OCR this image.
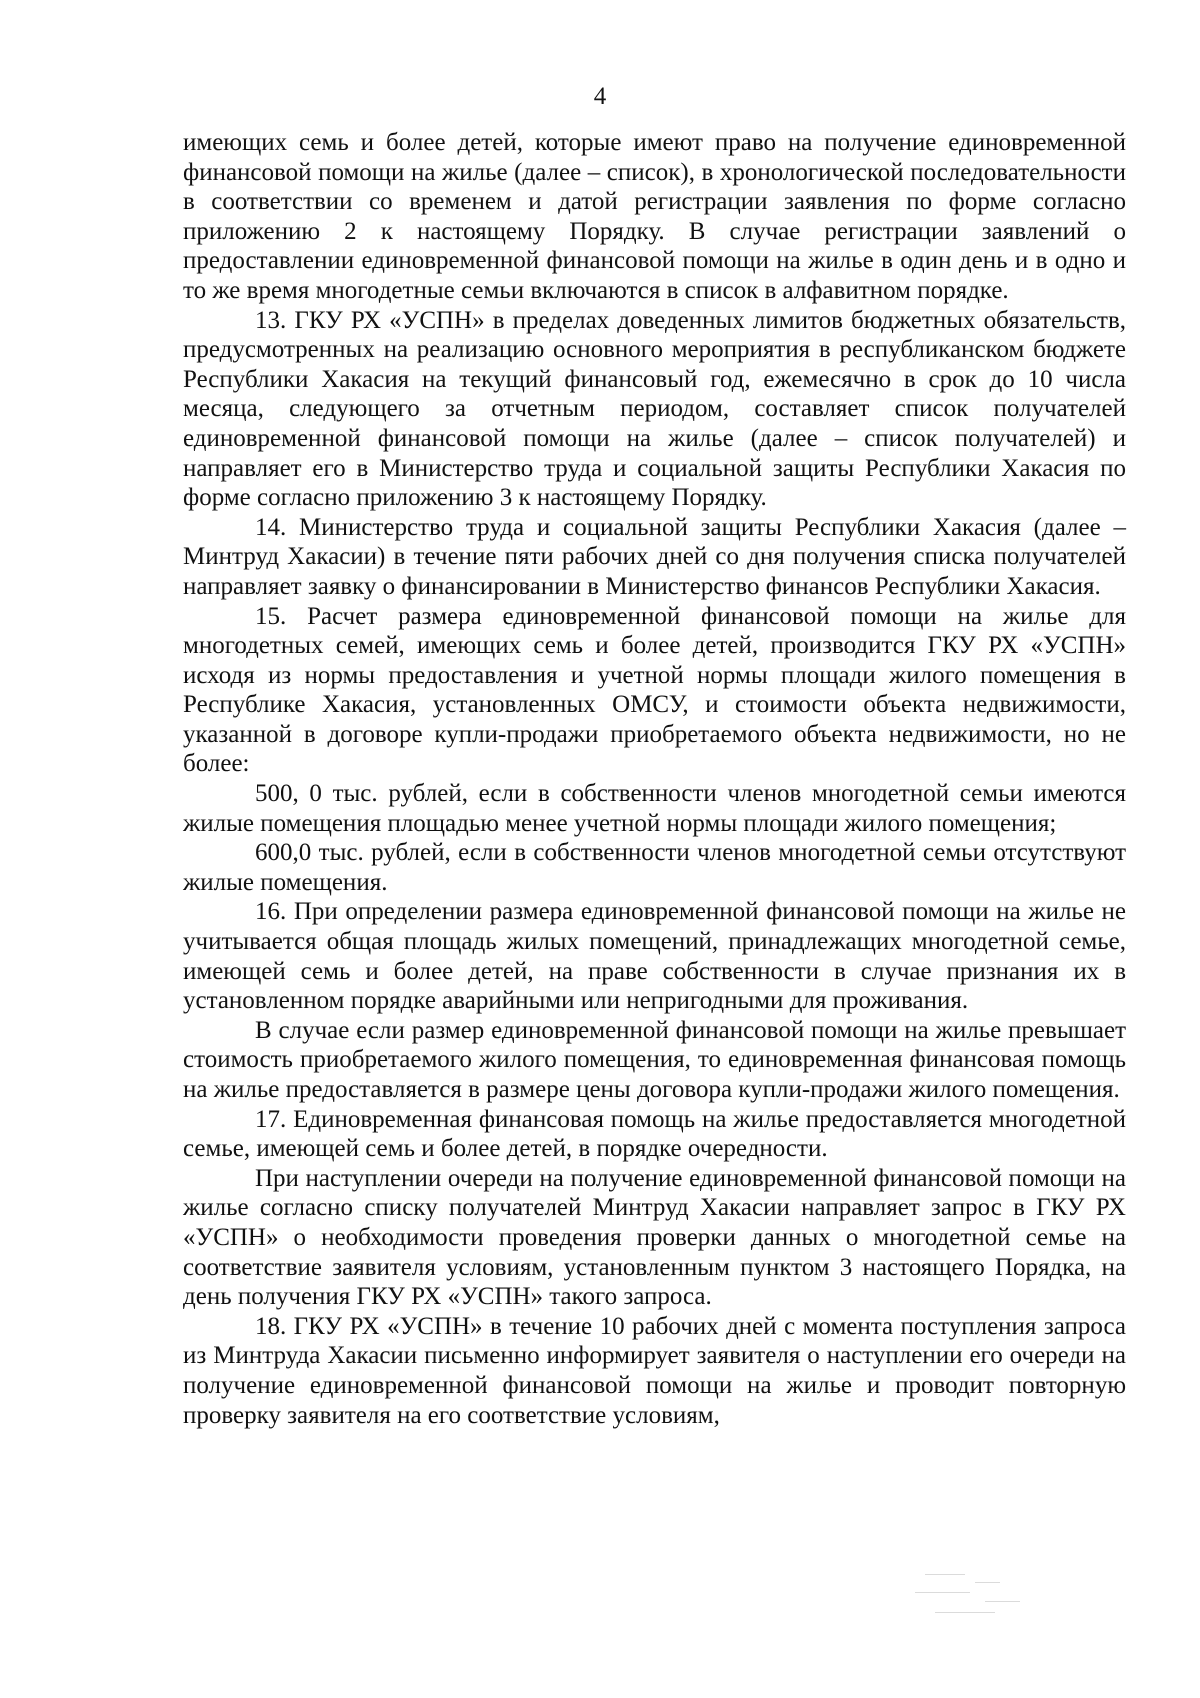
4

имеющих семь и более детей, которые имеют право на получение единовременной финансовой помощи на жилье (далее – список), в хронологической последовательности в соответствии со временем и датой регистрации заявления по форме согласно приложению 2 к настоящему Порядку. В случае регистрации заявлений о предоставлении единовременной финансовой помощи на жилье в один день и в одно и то же время многодетные семьи включаются в список в алфавитном порядке.

13. ГКУ РХ «УСПН» в пределах доведенных лимитов бюджетных обязательств, предусмотренных на реализацию основного мероприятия в республиканском бюджете Республики Хакасия на текущий финансовый год, ежемесячно в срок до 10 числа месяца, следующего за отчетным периодом, составляет список получателей единовременной финансовой помощи на жилье (далее – список получателей) и направляет его в Министерство труда и социальной защиты Республики Хакасия по форме согласно приложению 3 к настоящему Порядку.

14. Министерство труда и социальной защиты Республики Хакасия (далее – Минтруд Хакасии) в течение пяти рабочих дней со дня получения списка получателей направляет заявку о финансировании в Министерство финансов Республики Хакасия.

15. Расчет размера единовременной финансовой помощи на жилье для многодетных семей, имеющих семь и более детей, производится ГКУ РХ «УСПН» исходя из нормы предоставления и учетной нормы площади жилого помещения в Республике Хакасия, установленных ОМСУ, и стоимости объекта недвижимости, указанной в договоре купли-продажи приобретаемого объекта недвижимости, но не более:

500, 0 тыс. рублей, если в собственности членов многодетной семьи имеются жилые помещения площадью менее учетной нормы площади жилого помещения;

600,0 тыс. рублей, если в собственности членов многодетной семьи отсутствуют жилые помещения.

16. При определении размера единовременной финансовой помощи на жилье не учитывается общая площадь жилых помещений, принадлежащих многодетной семье, имеющей семь и более детей, на праве собственности в случае признания их в установленном порядке аварийными или непригодными для проживания.

В случае если размер единовременной финансовой помощи на жилье превышает стоимость приобретаемого жилого помещения, то единовременная финансовая помощь на жилье предоставляется в размере цены договора купли-продажи жилого помещения.

17. Единовременная финансовая помощь на жилье предоставляется многодетной семье, имеющей семь и более детей, в порядке очередности.

При наступлении очереди на получение единовременной финансовой помощи на жилье согласно списку получателей Минтруд Хакасии направляет запрос в ГКУ РХ «УСПН» о необходимости проведения проверки данных о многодетной семье на соответствие заявителя условиям, установленным пунктом 3 настоящего Порядка, на день получения ГКУ РХ «УСПН» такого запроса.

18. ГКУ РХ «УСПН» в течение 10 рабочих дней с момента поступления запроса из Минтруда Хакасии письменно информирует заявителя о наступлении его очереди на получение единовременной финансовой помощи на жилье и проводит повторную проверку заявителя на его соответствие условиям,
